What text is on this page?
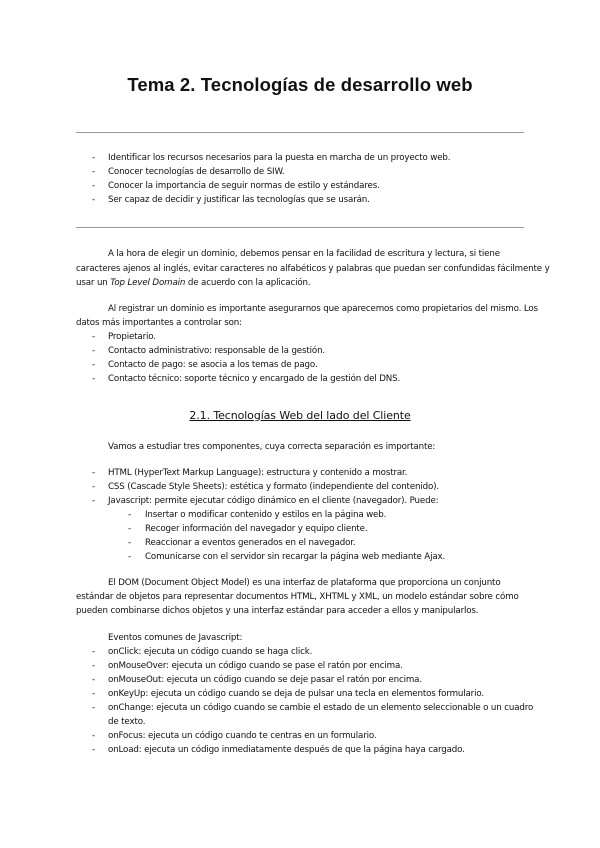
Tema 2. Tecnologías de desarrollo web
- Identificar los recursos necesarios para la puesta en marcha de un proyecto web.
- Conocer tecnologías de desarrollo de SIW.
- Conocer la importancia de seguir normas de estilo y estándares.
- Ser capaz de decidir y justificar las tecnologías que se usarán.
A la hora de elegir un dominio, debemos pensar en la facilidad de escritura y lectura, si tiene
caracteres ajenos al inglés, evitar caracteres no alfabéticos y palabras que puedan ser confundidas fácilmente y
usar un Top Level Domain de acuerdo con la aplicación.
Al registrar un dominio es importante asegurarnos que aparecemos como propietarios del mismo. Los
datos más importantes a controlar son:
- Propietario.
- Contacto administrativo: responsable de la gestión.
- Contacto de pago: se asocia a los temas de pago.
- Contacto técnico: soporte técnico y encargado de la gestión del DNS.
2.1. Tecnologías Web del lado del Cliente
Vamos a estudiar tres componentes, cuya correcta separación es importante:
- HTML (HyperText Markup Language): estructura y contenido a mostrar.
- CSS (Cascade Style Sheets): estética y formato (independiente del contenido).
- Javascript: permite ejecutar código dinámico en el cliente (navegador). Puede:
- Insertar o modificar contenido y estilos en la página web.
- Recoger información del navegador y equipo cliente.
- Reaccionar a eventos generados en el navegador.
- Comunicarse con el servidor sin recargar la página web mediante Ajax.
El DOM (Document Object Model) es una interfaz de plataforma que proporciona un conjunto
estándar de objetos para representar documentos HTML, XHTML y XML, un modelo estándar sobre cómo
pueden combinarse dichos objetos y una interfaz estándar para acceder a ellos y manipularlos.
Eventos comunes de Javascript:
- onClick: ejecuta un código cuando se haga click.
- onMouseOver: ejecuta un código cuando se pase el ratón por encima.
- onMouseOut: ejecuta un código cuando se deje pasar el ratón por encima.
- onKeyUp: ejecuta un código cuando se deja de pulsar una tecla en elementos formulario.
- onChange: ejecuta un código cuando se cambie el estado de un elemento seleccionable o un cuadro
de texto.
- onFocus: ejecuta un código cuando te centras en un formulario.
- onLoad: ejecuta un código inmediatamente después de que la página haya cargado.
